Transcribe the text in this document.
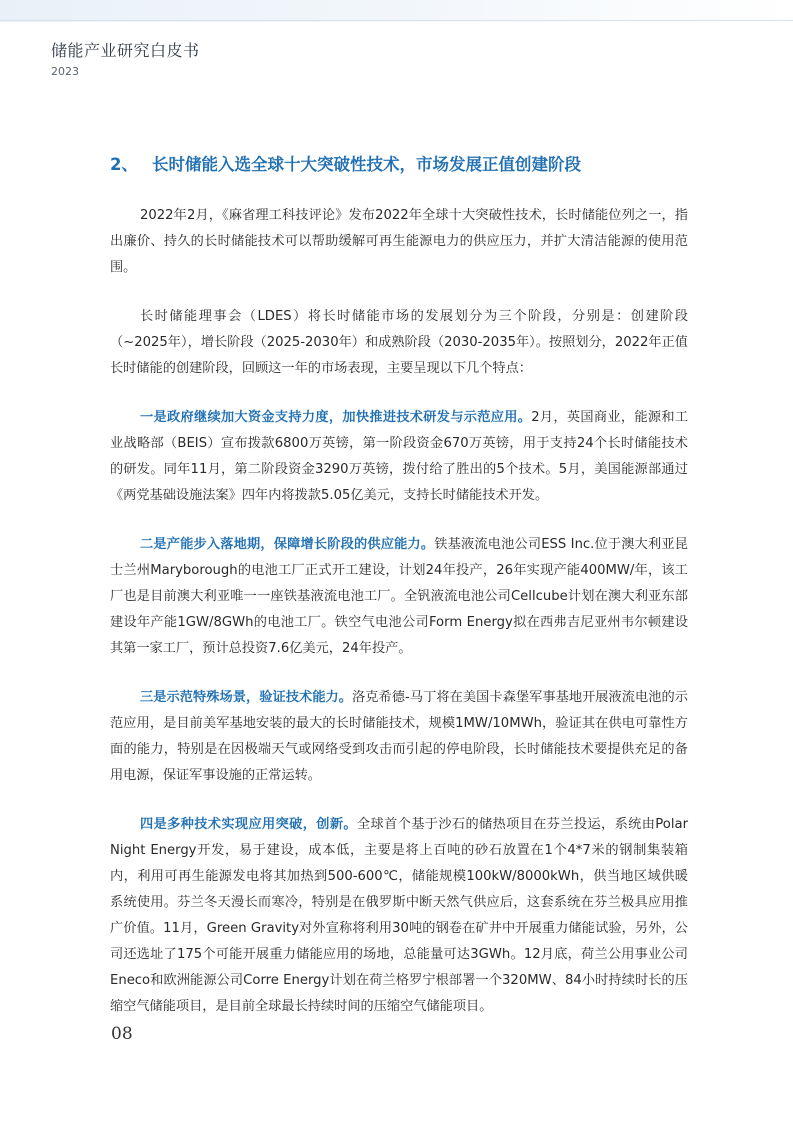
储能产业研究白皮书
2023
2、 长时储能入选全球十大突破性技术，市场发展正值创建阶段

2022年2月，《麻省理工科技评论》发布2022年全球十大突破性技术，长时储能位列之一，指出廉价、持久的长时储能技术可以帮助缓解可再生能源电力的供应压力，并扩大清洁能源的使用范围。

长时储能理事会（LDES）将长时储能市场的发展划分为三个阶段，分别是：创建阶段（~2025年），增长阶段（2025-2030年）和成熟阶段（2030-2035年）。按照划分，2022年正值长时储能的创建阶段，回顾这一年的市场表现，主要呈现以下几个特点：

一是政府继续加大资金支持力度，加快推进技术研发与示范应用。2月，英国商业，能源和工业战略部（BEIS）宣布拨款6800万英镑，第一阶段资金670万英镑，用于支持24个长时储能技术的研发。同年11月，第二阶段资金3290万英镑，拨付给了胜出的5个技术。5月，美国能源部通过《两党基础设施法案》四年内将拨款5.05亿美元，支持长时储能技术开发。

二是产能步入落地期，保障增长阶段的供应能力。铁基液流电池公司ESS Inc.位于澳大利亚昆士兰州Maryborough的电池工厂正式开工建设，计划24年投产，26年实现产能400MW/年，该工厂也是目前澳大利亚唯一一座铁基液流电池工厂。全钒液流电池公司Cellcube计划在澳大利亚东部建设年产能1GW/8GWh的电池工厂。铁空气电池公司Form Energy拟在西弗吉尼亚州韦尔顿建设其第一家工厂，预计总投资7.6亿美元，24年投产。

三是示范特殊场景，验证技术能力。洛克希德-马丁将在美国卡森堡军事基地开展液流电池的示范应用，是目前美军基地安装的最大的长时储能技术，规模1MW/10MWh，验证其在供电可靠性方面的能力，特别是在因极端天气或网络受到攻击而引起的停电阶段，长时储能技术要提供充足的备用电源，保证军事设施的正常运转。

四是多种技术实现应用突破，创新。全球首个基于沙石的储热项目在芬兰投运，系统由Polar Night Energy开发，易于建设，成本低，主要是将上百吨的砂石放置在1个4*7米的钢制集装箱内，利用可再生能源发电将其加热到500-600℃，储能规模100kW/8000kWh，供当地区域供暖系统使用。芬兰冬天漫长而寒冷，特别是在俄罗斯中断天然气供应后，这套系统在芬兰极具应用推广价值。11月，Green Gravity对外宣称将利用30吨的钢卷在矿井中开展重力储能试验，另外，公司还选址了175个可能开展重力储能应用的场地，总能量可达3GWh。12月底，荷兰公用事业公司Eneco和欧洲能源公司Corre Energy计划在荷兰格罗宁根部署一个320MW、84小时持续时长的压缩空气储能项目，是目前全球最长持续时间的压缩空气储能项目。

08
